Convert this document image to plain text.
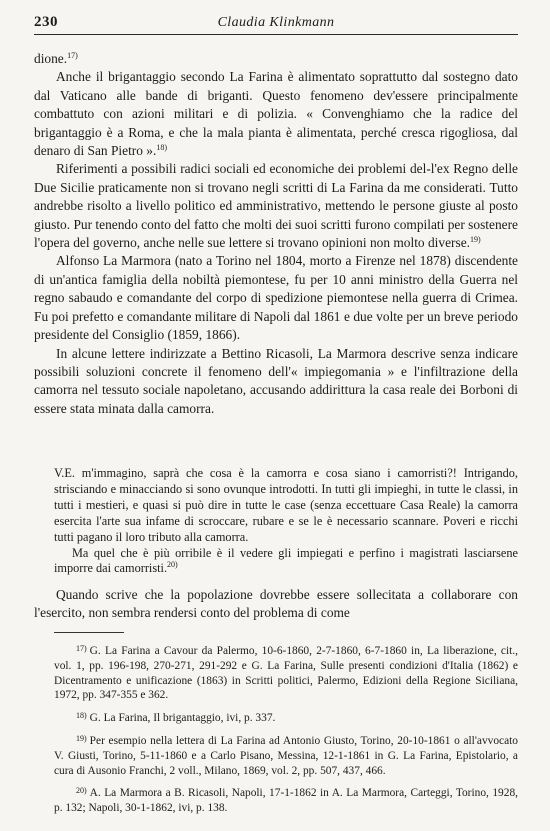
230	Claudia Klinkmann

dione.$^{17)}$

Anche il brigantaggio secondo La Farina è alimentato soprattutto dal sostegno dato dal Vaticano alle bande di briganti. Questo fenomeno dev'essere principalmente combattuto con azioni militari e di polizia. « Convenghiamo che la radice del brigantaggio è a Roma, e che la mala pianta è alimentata, perché cresca rigogliosa, dal denaro di San Pietro ».$^{18)}$

Riferimenti a possibili radici sociali ed economiche dei problemi del-l'ex Regno delle Due Sicilie praticamente non si trovano negli scritti di La Farina da me considerati. Tutto andrebbe risolto a livello politico ed amministrativo, mettendo le persone giuste al posto giusto. Pur tenendo conto del fatto che molti dei suoi scritti furono compilati per sostenere l'opera del governo, anche nelle sue lettere si trovano opinioni non molto diverse.$^{19)}$

Alfonso La Marmora (nato a Torino nel 1804, morto a Firenze nel 1878) discendente di un'antica famiglia della nobiltà piemontese, fu per 10 anni ministro della Guerra nel regno sabaudo e comandante del corpo di spedizione piemontese nella guerra di Crimea. Fu poi prefetto e comandante militare di Napoli dal 1861 e due volte per un breve periodo presidente del Consiglio (1859, 1866).

In alcune lettere indirizzate a Bettino Ricasoli, La Marmora descrive senza indicare possibili soluzioni concrete il fenomeno dell'« impiegomania » e l'infiltrazione della camorra nel tessuto sociale napoletano, accusando addirittura la casa reale dei Borboni di essere stata minata dalla camorra.

V.E. m'immagino, saprà che cosa è la camorra e cosa siano i camorristi?! Intrigando, strisciando e minacciando si sono ovunque introdotti. In tutti gli impieghi, in tutte le classi, in tutti i mestieri, e quasi si può dire in tutte le case (senza eccettuare Casa Reale) la camorra esercita l'arte sua infame di scroccare, rubare e se le è necessario scannare. Poveri e ricchi tutti pagano il loro tributo alla camorra.

Ma quel che è più orribile è il vedere gli impiegati e perfino i magistrati lasciarsene imporre dai camorristi.$^{20)}$

Quando scrive che la popolazione dovrebbe essere sollecitata a collaborare con l'esercito, non sembra rendersi conto del problema di come

$^{17)}$ G. La Farina a Cavour da Palermo, 10-6-1860, 2-7-1860, 6-7-1860 in, La liberazione, cit., vol. 1, pp. 196-198, 270-271, 291-292 e G. La Farina, Sulle presenti condizioni d'Italia (1862) e Dicentramento e unificazione (1863) in Scritti politici, Palermo, Edizioni della Regione Siciliana, 1972, pp. 347-355 e 362.

$^{18)}$ G. La Farina, Il brigantaggio, ivi, p. 337.

$^{19)}$ Per esempio nella lettera di La Farina ad Antonio Giusto, Torino, 20-10-1861 o all'avvocato V. Giusti, Torino, 5-11-1860 e a Carlo Pisano, Messina, 12-1-1861 in G. La Farina, Epistolario, a cura di Ausonio Franchi, 2 voll., Milano, 1869, vol. 2, pp. 507, 437, 466.

$^{20)}$ A. La Marmora a B. Ricasoli, Napoli, 17-1-1862 in A. La Marmora, Carteggi, Torino, 1928, p. 132; Napoli, 30-1-1862, ivi, p. 138.
